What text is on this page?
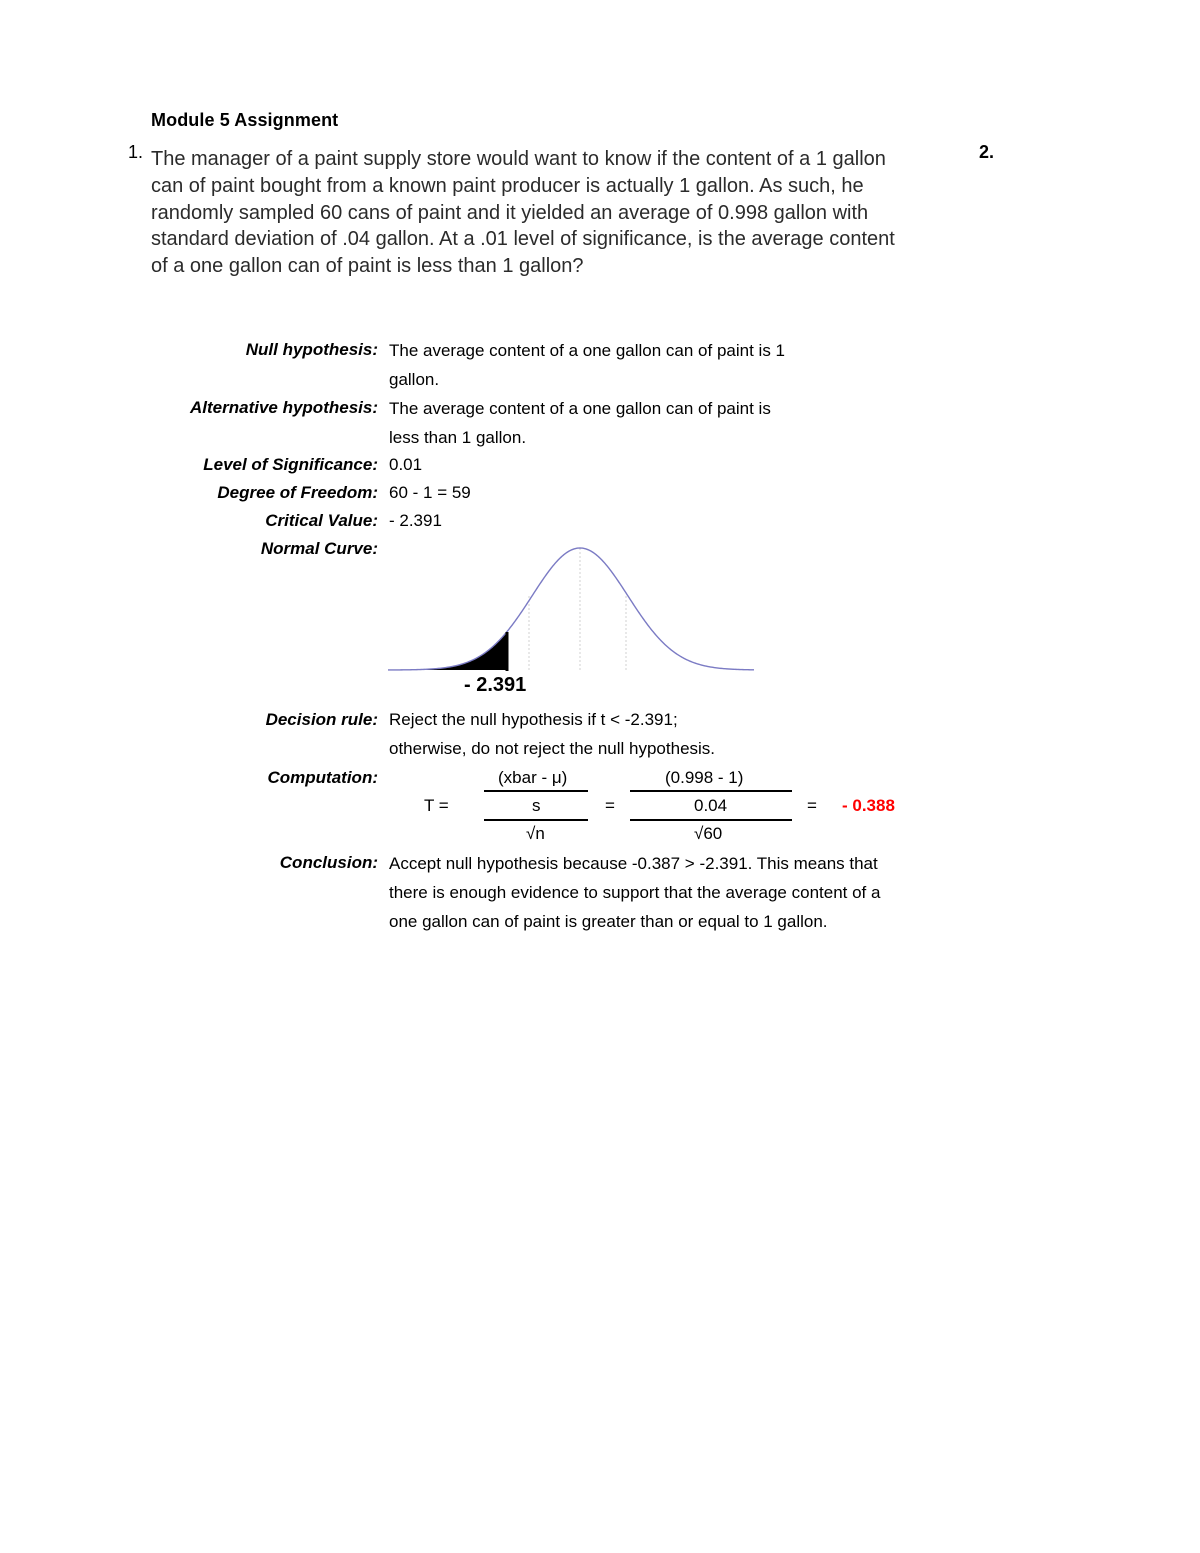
Module 5 Assignment
1.	2.
The manager of a paint supply store would want to know if the content of a 1 gallon can of paint bought from a known paint producer is actually 1 gallon. As such, he randomly sampled 60 cans of paint and it yielded an average of 0.998 gallon with standard deviation of .04 gallon. At a .01 level of significance, is the average content of a one gallon can of paint is less than 1 gallon?
Null hypothesis: The average content of a one gallon can of paint is 1 gallon.
Alternative hypothesis: The average content of a one gallon can of paint is less than 1 gallon.
Level of Significance: 0.01
Degree of Freedom: 60 - 1 = 59
Critical Value: - 2.391
Normal Curve:
- 2.391
Decision rule: Reject the null hypothesis if t < -2.391;
otherwise, do not reject the null hypothesis.
Computation:
T =
(xbar - μ)
s
√n
=
(0.998 - 1)
0.04
√60
= - 0.388
Conclusion: Accept null hypothesis because -0.387 > -2.391. This means that there is enough evidence to support that the average content of a one gallon can of paint is greater than or equal to 1 gallon.
